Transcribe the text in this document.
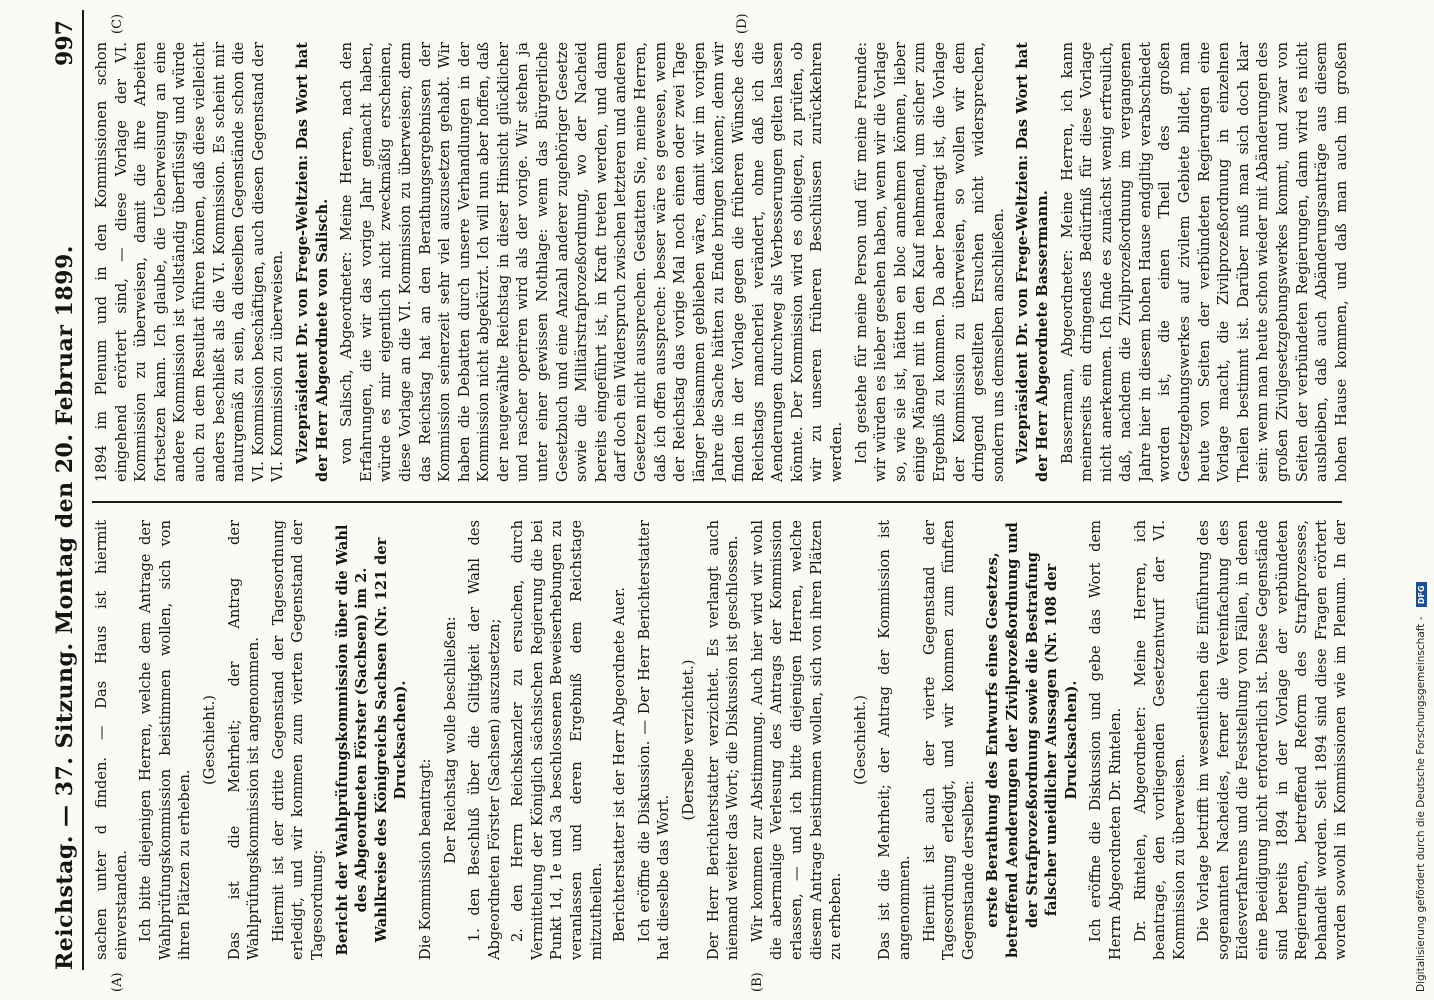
Reichstag. — 37. Sitzung. Montag den 20. Februar 1899.
997
(A)	(B)
(C)	(D)

sachen unter d finden. — Das Haus ist hiermit einverstanden. Ich bitte diejenigen Herren, welche dem Antrage der Wahlprüfungskommission beistimmen wollen, sich von ihren Plätzen zu erheben.

(Geschieht.) Das ist die Mehrheit; der Antrag der Wahlprüfungskommission ist angenommen. Hiermit ist der dritte Gegenstand der Tagesordnung erledigt, und wir kommen zum vierten Gegenstand der Tagesordnung: Bericht der Wahlprüfungskommission über die Wahl des Abgeordneten Förster (Sachsen) im 2. Wahlkreise des Königreichs Sachsen (Nr. 121 der Drucksachen).

Die Kommission beantragt: Der Reichstag wolle beschließen: 1. den Beschluß über die Giltigkeit der Wahl des Abgeordneten Förster (Sachsen) auszusetzen; 2. den Herrn Reichskanzler zu ersuchen, durch Vermittelung der Königlich sächsischen Regierung die bei Punkt 1d, 1e und 3a beschlossenen Beweiserhebungen zu veranlassen und deren Ergebniß dem Reichstage mitzutheilen. Berichterstatter ist der Herr Abgeordnete Auer. Ich eröffne die Diskussion. — Der Herr Berichterstatter hat dieselbe das Wort.

(Derselbe verzichtet.) Der Herr Berichterstatter verzichtet. Es verlangt auch niemand weiter das Wort; die Diskussion ist geschlossen. Wir kommen zur Abstimmung. Auch hier wird wir wohl die abermalige Verlesung des Antrags der Kommission erlassen, — und ich bitte diejenigen Herren, welche diesem Antrage beistimmen wollen, sich von ihren Plätzen zu erheben.

(Geschieht.) Das ist die Mehrheit; der Antrag der Kommission ist angenommen. Hiermit ist auch der vierte Gegenstand der Tagesordnung erledigt, und wir kommen zum fünften Gegenstande derselben: erste Berathung des Entwurfs eines Gesetzes, betreffend Aenderungen der Zivilprozeßordnung und der Strafprozeßordnung sowie die Bestrafung falscher uneidlicher Aussagen (Nr. 108 der Drucksachen). Ich eröffne die Diskussion und gebe das Wort dem Herrn Abgeordneten Dr. Rintelen. Dr. Rintelen, Abgeordneter: Meine Herren, ich beantrage, den vorliegenden Gesetzentwurf der VI. Kommission zu überweisen. Die Vorlage betrifft im wesentlichen die Einführung des sogenannten Nacheides, ferner die Vereinfachung des Eidesverfahrens und die Feststellung von Fällen, in denen eine Beeidigung nicht erforderlich ist. Diese Gegenstände sind bereits 1894 in der Vorlage der verbündeten Regierungen, betreffend Reform des Strafprozesses, behandelt worden. Seit 1894 sind diese Fragen erörtert worden sowohl in Kommissionen wie im Plenum. In der

1894 im Plenum und in den Kommissionen schon eingehend erörtert sind, — diese Vorlage der VI. Kommission zu überweisen, damit die ihre Arbeiten fortsetzen kann. Ich glaube, die Ueberweisung an eine andere Kommission ist vollständig überflüssig und würde auch zu dem Resultat führen können, daß diese vielleicht anders beschließt als die VI. Kommission. Es scheint mir naturgemäß zu sein, da dieselben Gegenstände schon die VI. Kommission beschäftigen, auch diesen Gegenstand der VI. Kommission zu überweisen. Vizepräsident Dr. von Frege-Weltzien: Das Wort hat der Herr Abgeordnete von Salisch. von Salisch, Abgeordneter: Meine Herren, nach den Erfahrungen, die wir das vorige Jahr gemacht haben, würde es mir eigentlich nicht zweckmäßig erscheinen, diese Vorlage an die VI. Kommission zu überweisen; denn das Reichstag hat an den Berathungsergebnissen der Kommission seinerzeit sehr viel auszusetzen gehabt. Wir haben die Debatten durch unsere Verhandlungen in der Kommission nicht abgekürzt. Ich will nun aber hoffen, daß der neugewählte Reichstag in dieser Hinsicht glücklicher und rascher operiren wird als der vorige. Wir stehen ja unter einer gewissen Nothlage: wenn das Bürgerliche Gesetzbuch und eine Anzahl anderer zugehöriger Gesetze sowie die Militärstrafprozeßordnung, wo der Nacheid bereits eingeführt ist, in Kraft treten werden, und dann darf doch ein Widerspruch zwischen letzteren und anderen Gesetzen nicht aussprechen. Gestatten Sie, meine Herren, daß ich offen ausspreche: besser wäre es gewesen, wenn der Reichstag das vorige Mal noch einen oder zwei Tage länger beisammen geblieben wäre, damit wir im vorigen Jahre die Sache hätten zu Ende bringen können; denn wir finden in der Vorlage gegen die früheren Wünsche des Reichstags mancherlei verändert, ohne daß ich die Aenderungen durchweg als Verbesserungen gelten lassen könnte. Der Kommission wird es obliegen, zu prüfen, ob wir zu unseren früheren Beschlüssen zurückkehren werden. Ich gestehe für meine Person und für meine Freunde: wir würden es lieber gesehen haben, wenn wir die Vorlage so, wie sie ist, hätten en bloc annehmen können, lieber einige Mängel mit in den Kauf nehmend, um sicher zum Ergebniß zu kommen. Da aber beantragt ist, die Vorlage der Kommission zu überweisen, so wollen wir dem dringend gestellten Ersuchen nicht widersprechen, sondern uns demselben anschließen. Vizepräsident Dr. von Frege-Weltzien: Das Wort hat der Herr Abgeordnete Bassermann. Bassermann, Abgeordneter: Meine Herren, ich kann meinerseits ein dringendes Bedürfniß für diese Vorlage nicht anerkennen. Ich finde es zunächst wenig erfreulich, daß, nachdem die Zivilprozeßordnung im vergangenen Jahre hier in diesem hohen Hause endgiltig verabschiedet worden ist, die einen Theil des großen Gesetzgebungswerkes auf zivilem Gebiete bildet, man heute von Seiten der verbündeten Regierungen eine Vorlage macht, die Zivilprozeßordnung in einzelnen Theilen bestimmt ist. Darüber muß man sich doch klar sein: wenn man heute schon wieder mit Abänderungen des großen Zivilgesetzgebungswerkes kommt, und zwar von Seiten der verbündeten Regierungen, dann wird es nicht ausbleiben, daß auch Abänderungsanträge aus diesem hohen Hause kommen, und daß man auch im großen

Digitalisierung gefördert durch die Deutsche Forschungsgemeinschaft - DFG
